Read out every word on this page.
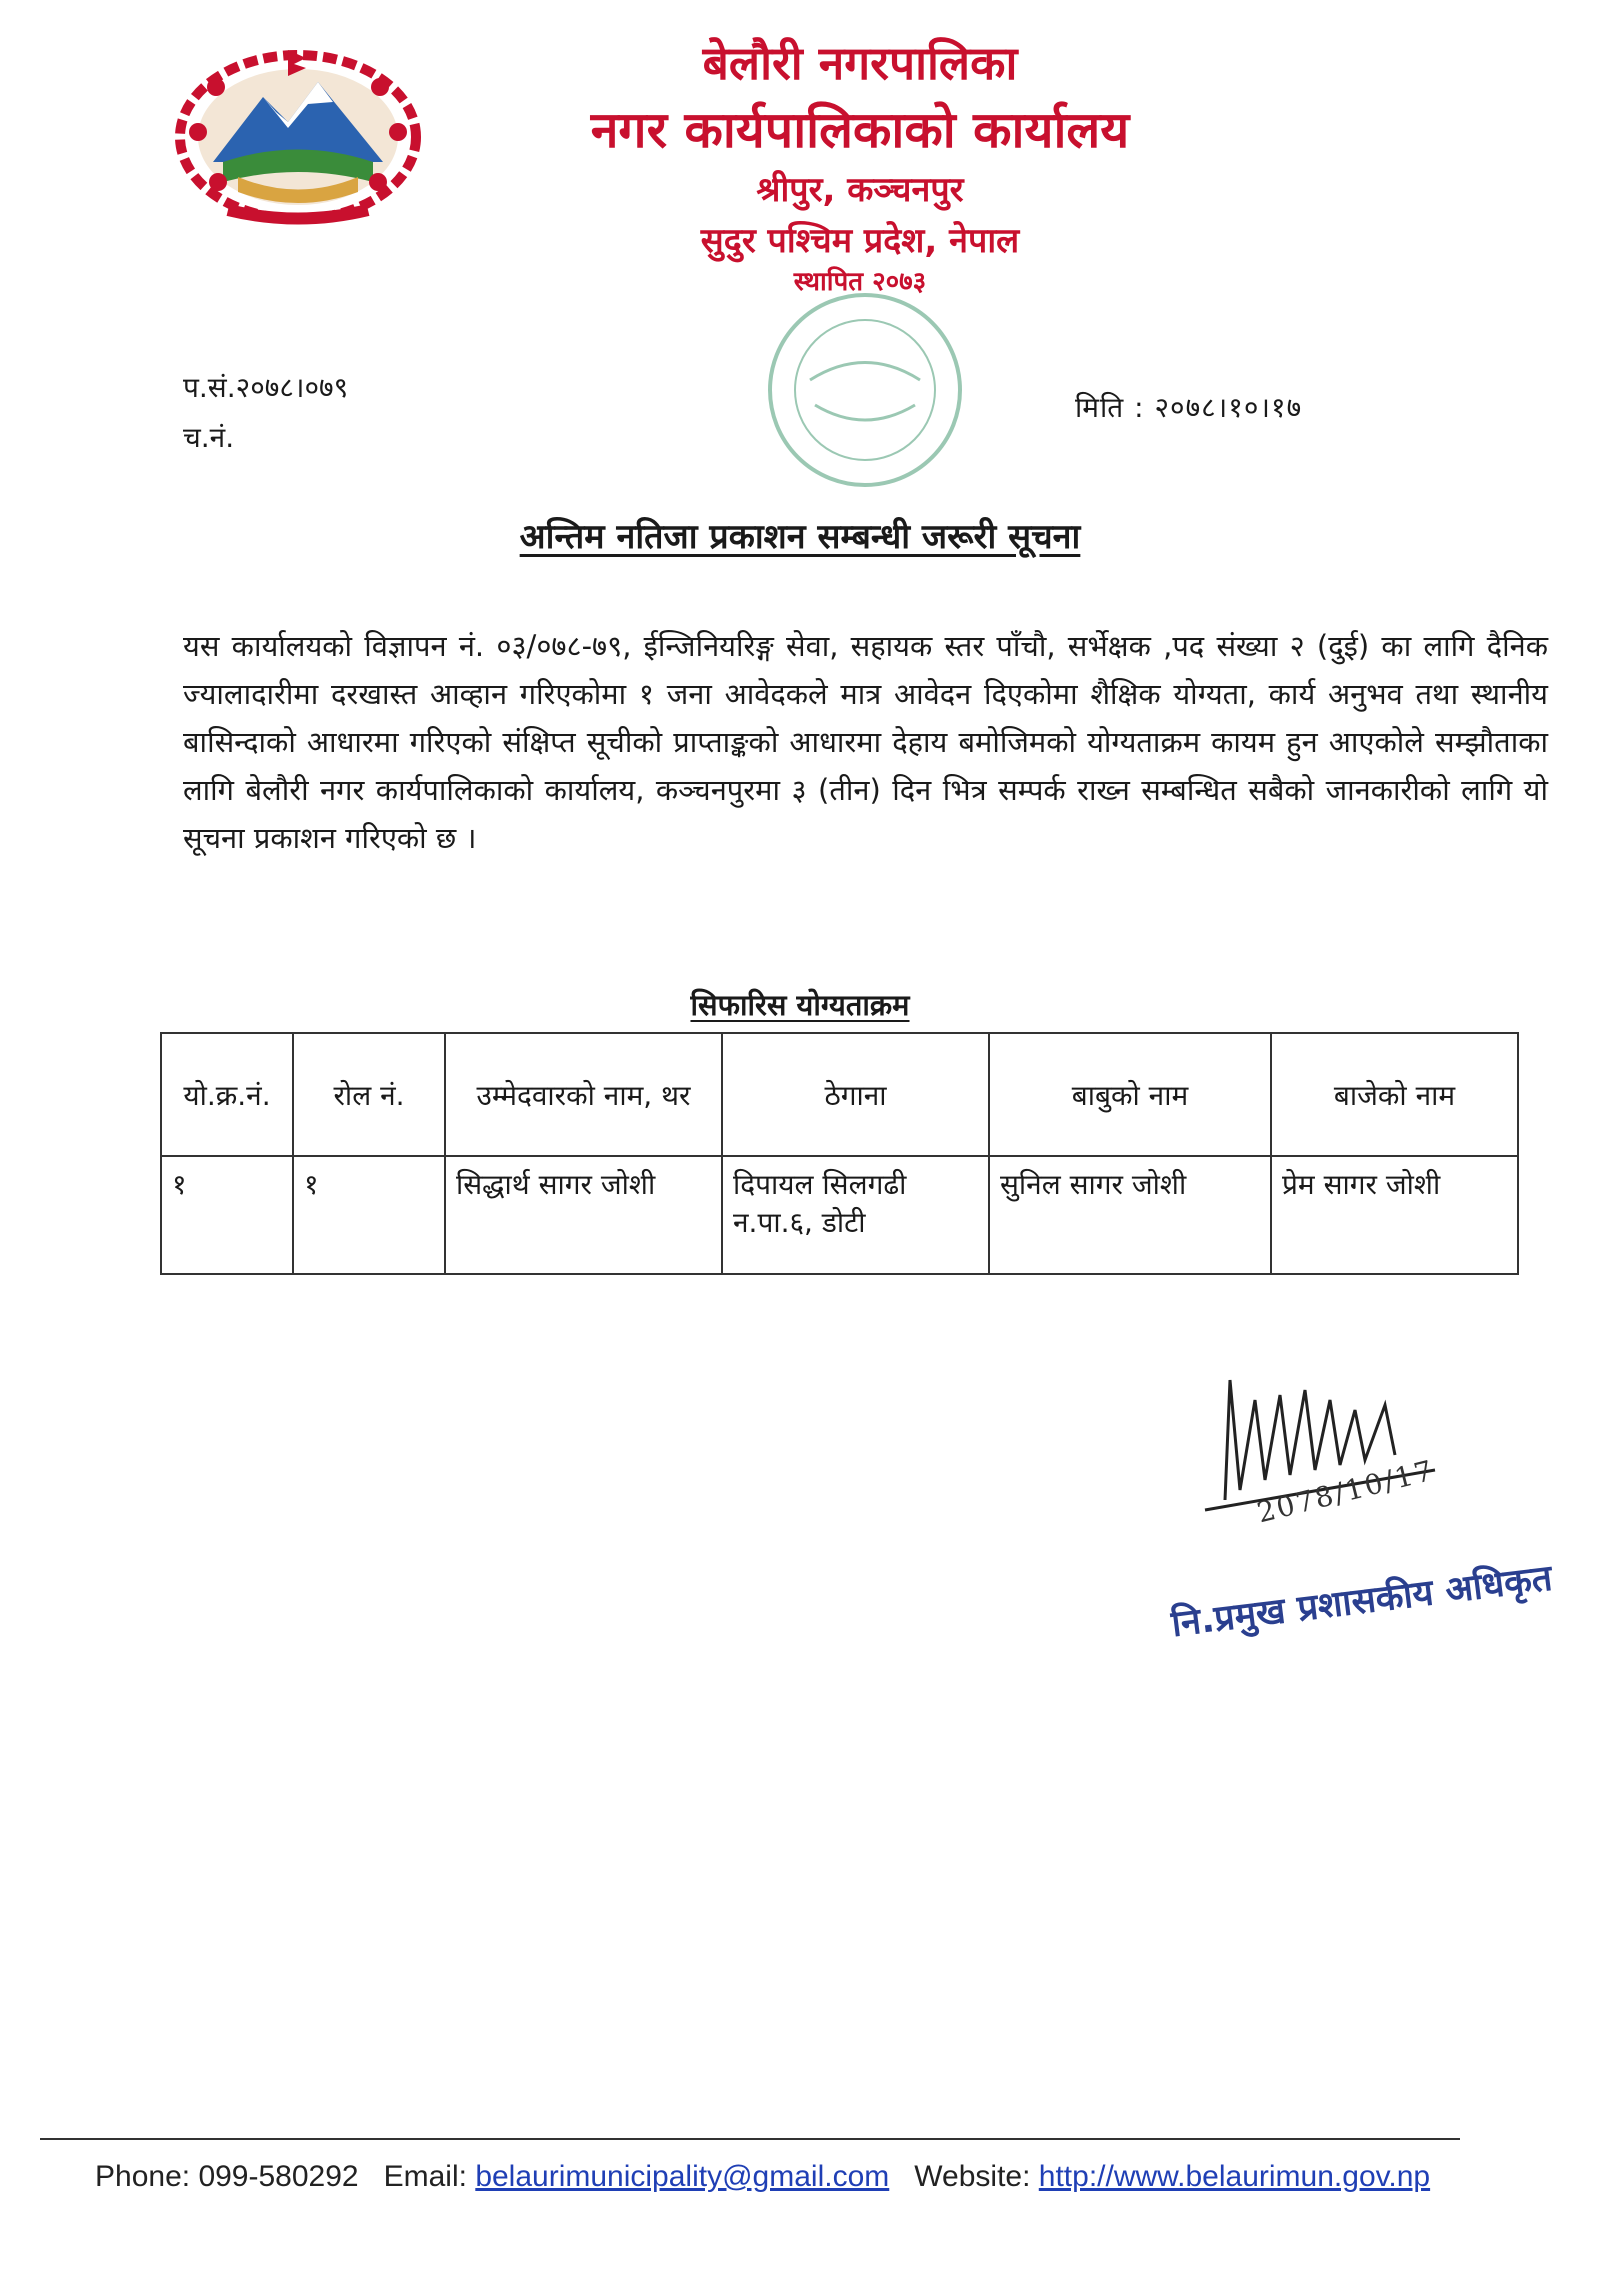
बेलौरी नगरपालिका
नगर कार्यपालिकाको कार्यालय
श्रीपुर, कञ्चनपुर
सुदुर पश्चिम प्रदेश, नेपाल
स्थापित २०७३
प.सं.२०७८।०७९
च.नं.
मिति : २०७८।१०।१७
अन्तिम नतिजा प्रकाशन सम्बन्धी जरूरी सूचना
यस कार्यालयको विज्ञापन नं. ०३/०७८-७९, ईन्जिनियरिङ्ग सेवा, सहायक स्तर पाँचौ, सर्भेक्षक ,पद संख्या २ (दुई) का लागि दैनिक ज्यालादारीमा दरखास्त आव्हान गरिएकोमा १ जना आवेदकले मात्र आवेदन दिएकोमा शैक्षिक योग्यता, कार्य अनुभव तथा स्थानीय बासिन्दाको आधारमा गरिएको संक्षिप्त सूचीको प्राप्ताङ्कको आधारमा देहाय बमोजिमको योग्यताक्रम कायम हुन आएकोले सम्झौताका लागि बेलौरी नगर कार्यपालिकाको कार्यालय, कञ्चनपुरमा ३ (तीन) दिन भित्र सम्पर्क राख्न सम्बन्धित सबैको जानकारीको लागि यो सूचना प्रकाशन गरिएको छ ।
सिफारिस योग्यताक्रम
यो.क्र.नं.	रोल नं.	उम्मेदवारको नाम, थर	ठेगाना	बाबुको नाम	बाजेको नाम
१	१	सिद्धार्थ सागर जोशी	दिपायल सिलगढी न.पा.६, डोटी	सुनिल सागर जोशी	प्रेम सागर जोशी
2078/10/17
नि.प्रमुख प्रशासकीय अधिकृत
Phone: 099-580292 Email: belaurimunicipality@gmail.com Website: http://www.belaurimun.gov.np
